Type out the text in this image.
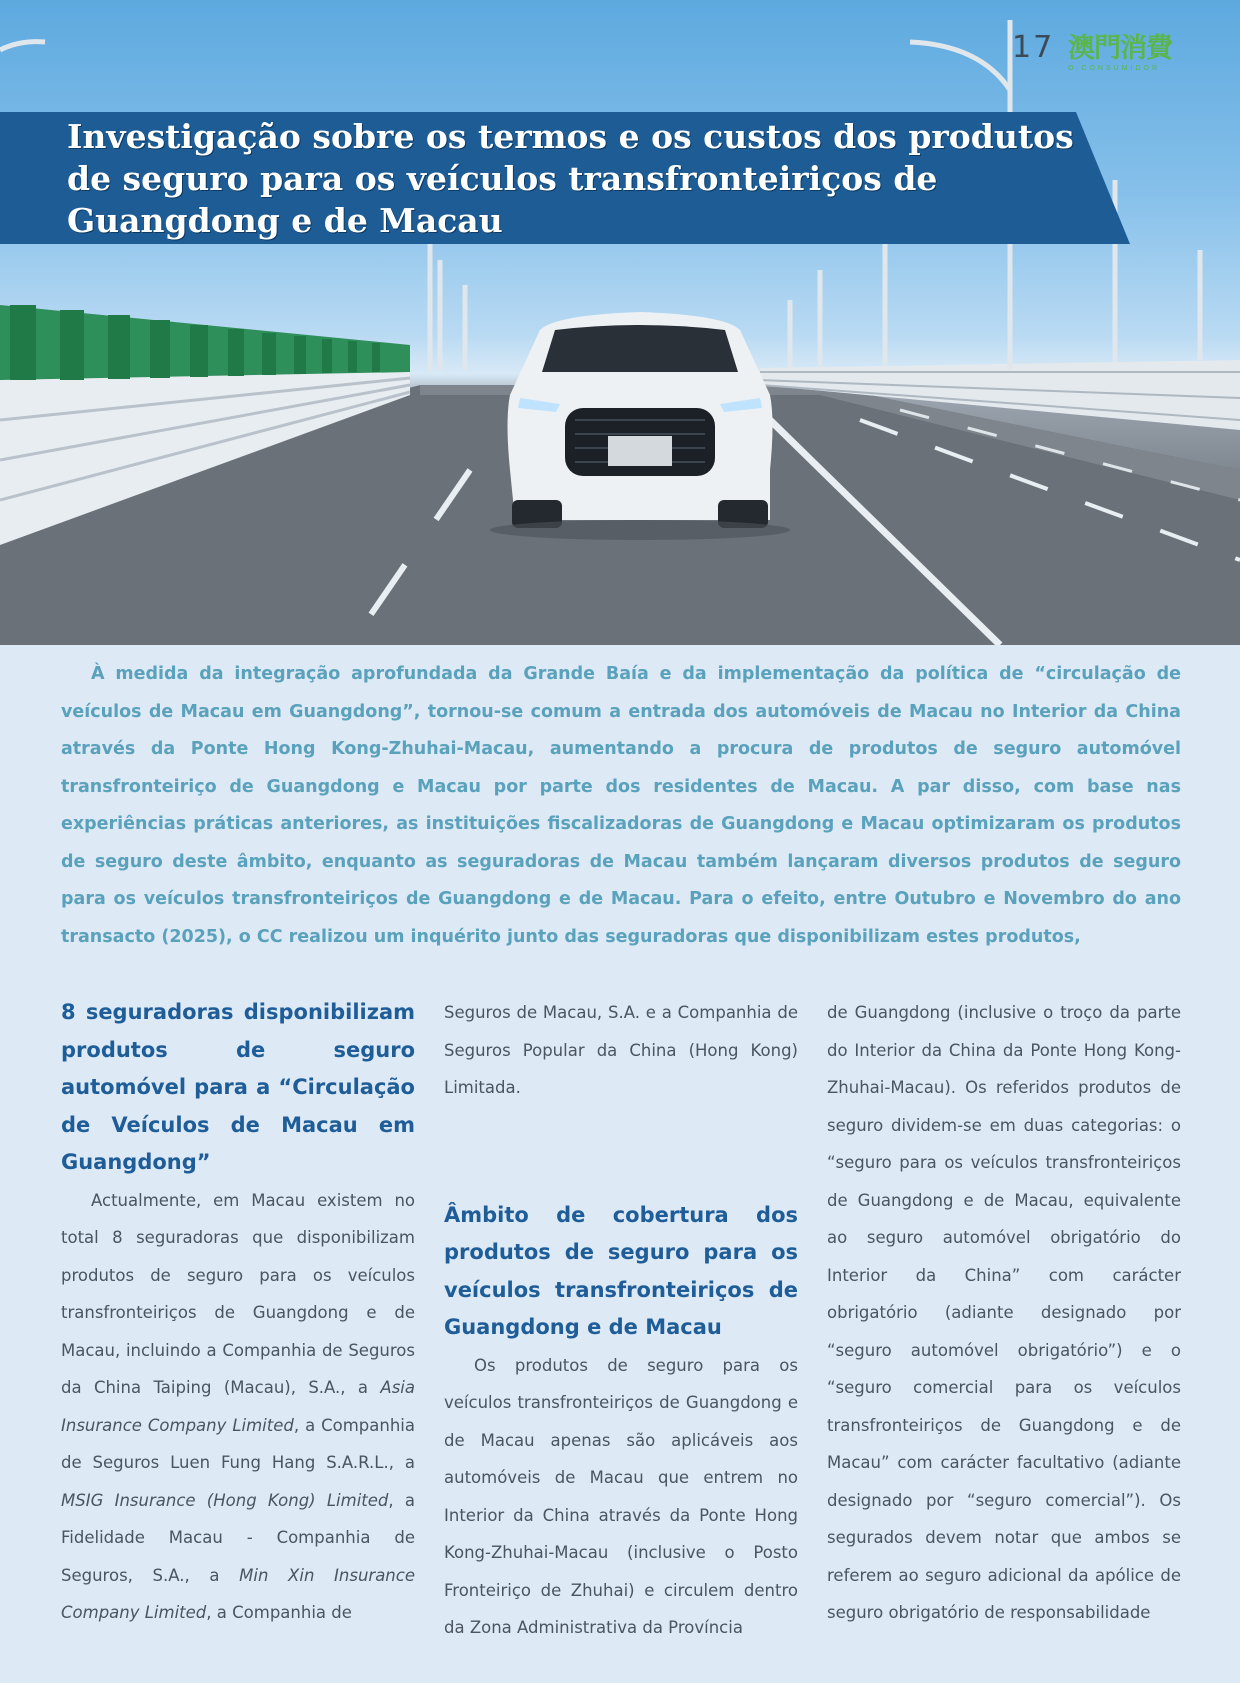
17 澳門消費
O CONSUMIDOR
Investigação sobre os termos e os custos dos produtos de seguro para os veículos transfronteiriços de Guangdong e de Macau

À medida da integração aprofundada da Grande Baía e da implementação da política de “circulação de veículos de Macau em Guangdong”, tornou-se comum a entrada dos automóveis de Macau no Interior da China através da Ponte Hong Kong-Zhuhai-Macau, aumentando a procura de produtos de seguro automóvel transfronteiriço de Guangdong e Macau por parte dos residentes de Macau. A par disso, com base nas experiências práticas anteriores, as instituições fiscalizadoras de Guangdong e Macau optimizaram os produtos de seguro deste âmbito, enquanto as seguradoras de Macau também lançaram diversos produtos de seguro para os veículos transfronteiriços de Guangdong e de Macau. Para o efeito, entre Outubro e Novembro do ano transacto (2025), o CC realizou um inquérito junto das seguradoras que disponibilizam estes produtos,

8 seguradoras disponibilizam produtos de seguro automóvel para a “Circulação de Veículos de Macau em
Guangdong”

Actualmente, em Macau existem no total 8 seguradoras que disponibilizam produtos de seguro para os veículos transfronteiriços de Guangdong e de Macau, incluindo a Companhia de Seguros da China Taiping (Macau), S.A., a Asia Insurance Company Limited, a Companhia de Seguros Luen Fung Hang S.A.R.L., a MSIG Insurance (Hong Kong) Limited, a Fidelidade Macau - Companhia de Seguros, S.A., a Min Xin Insurance Company Limited, a Companhia de

Seguros de Macau, S.A. e a Companhia de Seguros Popular da China (Hong Kong) Limitada.

Âmbito de cobertura dos produtos de seguro para os veículos transfronteiriços de
Guangdong e de Macau

Os produtos de seguro para os veículos transfronteiriços de Guangdong e de Macau apenas são aplicáveis aos automóveis de Macau que entrem no Interior da China através da Ponte Hong Kong-Zhuhai-Macau (inclusive o Posto Fronteiriço de Zhuhai) e circulem dentro da Zona Administrativa da Província

de Guangdong (inclusive o troço da parte do Interior da China da Ponte Hong Kong-Zhuhai-Macau). Os referidos produtos de seguro dividem-se em duas categorias: o “seguro para os veículos transfronteiriços de Guangdong e de Macau, equivalente ao seguro automóvel obrigatório do Interior da China” com carácter obrigatório (adiante designado por “seguro automóvel obrigatório”) e o “seguro comercial para os veículos transfronteiriços de Guangdong e de Macau” com carácter facultativo (adiante designado por “seguro comercial”). Os segurados devem notar que ambos se referem ao seguro adicional da apólice de seguro obrigatório de responsabilidade
